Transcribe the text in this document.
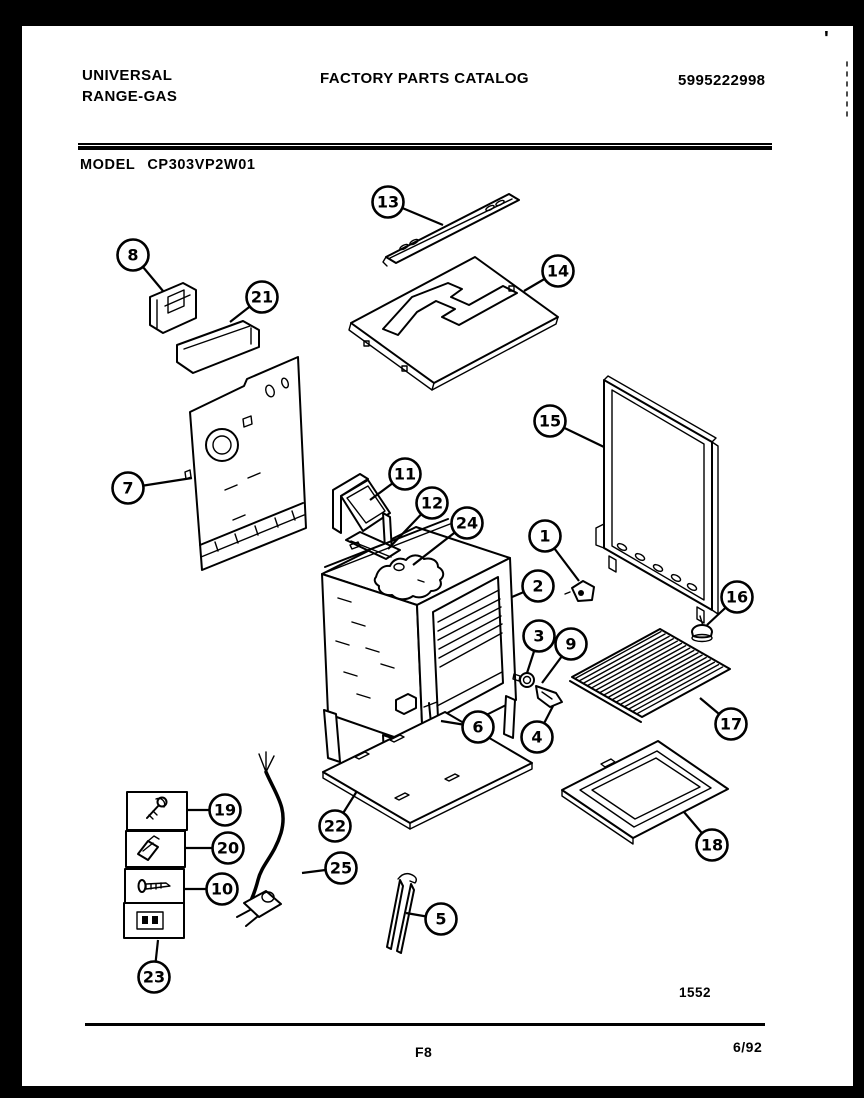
UNIVERSAL
RANGE-GAS
FACTORY PARTS CATALOG	5995222998
'
MODEL CP303VP2W01
13
8
21
14
15
7
11
12
24
1
2
16
3 9
4
17
6
18
22
25
5
19
20
10
23
1552
F8	6/92
